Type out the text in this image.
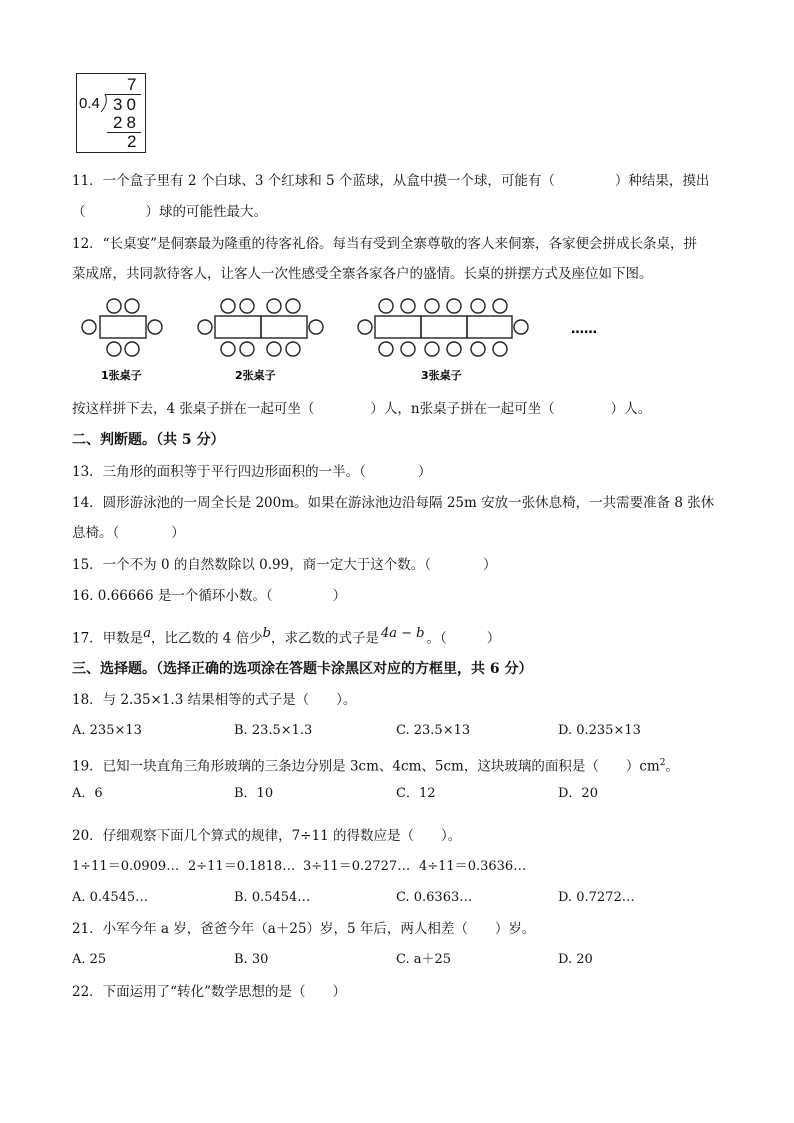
7
0.4 30
28
2
11．一个盒子里有 2 个白球、3 个红球和 5 个蓝球，从盒中摸一个球，可能有（	）种结果，摸出
（	）球的可能性最大。
12．“长桌宴”是侗寨最为隆重的待客礼俗。每当有受到全寨尊敬的客人来侗寨，各家便会拼成长条桌，拼
菜成席，共同款待客人，让客人一次性感受全寨各家各户的盛情。长桌的拼摆方式及座位如下图。
……
1张桌子	2张桌子	3张桌子
按这样拼下去，4 张桌子拼在一起可坐（	）人，n张桌子拼在一起可坐（	）人。
二、判断题。（共 5 分）
13．三角形的面积等于平行四边形面积的一半。（	）
14．圆形游泳池的一周全长是 200m。如果在游泳池边沿每隔 25m 安放一张休息椅，一共需要准备 8 张休
息椅。（	）
15．一个不为 0 的自然数除以 0.99，商一定大于这个数。（	）
16. 0.66666 是一个循环小数。（	）
17．甲数是$^a$，比乙数的 4 倍少$^b$，求乙数的式子是 $^{4a - b}$ 。（	）
三、选择题。（选择正确的选项涂在答题卡涂黑区对应的方框里，共 6 分）
18．与 2.35×1.3 结果相等的式子是（　　）。
A. 235×13	B. 23.5×1.3	C. 23.5×13	D. 0.235×13
19．已知一块直角三角形玻璃的三条边分别是 3cm、4cm、5cm，这块玻璃的面积是（　　）$cm^2$。
A．6	B．10	C．12	D．20
20．仔细观察下面几个算式的规律，7÷11 的得数应是（　　）。
1÷11＝0.0909… 2÷11＝0.1818… 3÷11＝0.2727… 4÷11＝0.3636…
A. 0.4545…	B. 0.5454…	C. 0.6363…	D. 0.7272…
21．小军今年 a 岁，爸爸今年（a＋25）岁，5 年后，两人相差（　　）岁。
A. 25	B. 30	C. a＋25	D. 20
22．下面运用了“转化”数学思想的是（　　）
